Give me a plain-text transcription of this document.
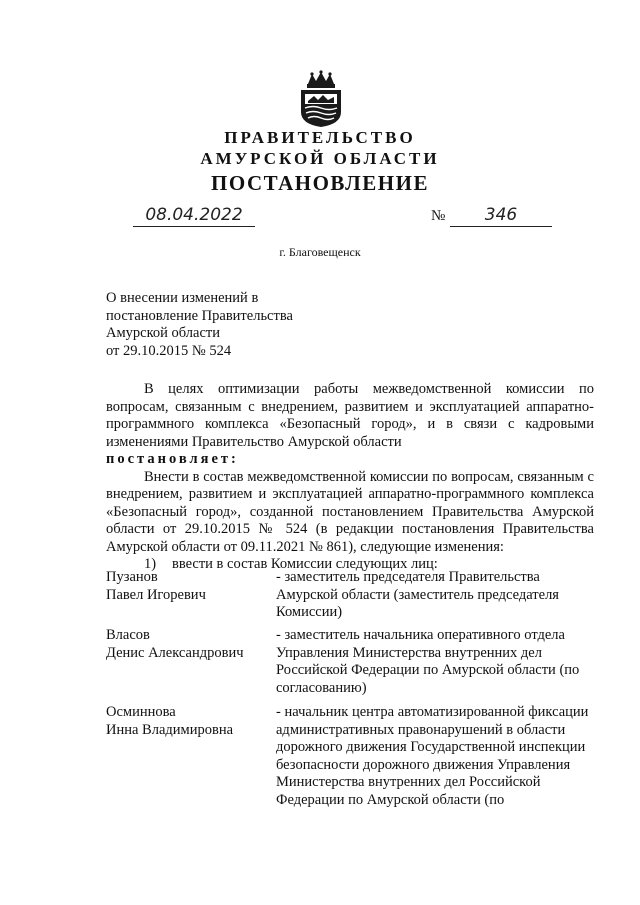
ПРАВИТЕЛЬСТВО
АМУРСКОЙ ОБЛАСТИ
ПОСТАНОВЛЕНИЕ
08.04.2022	№	346
г. Благовещенск
О внесении изменений в
постановление Правительства
Амурской области
от 29.10.2015 № 524

В целях оптимизации работы межведомственной комиссии по вопросам, связанным с внедрением, развитием и эксплуатацией аппаратно-программного комплекса «Безопасный город», и в связи с кадровыми изменениями Правительство Амурской области

постановляет:

Внести в состав межведомственной комиссии по вопросам, связанным с внедрением, развитием и эксплуатацией аппаратно-программного комплекса «Безопасный город», созданной постановлением Правительства Амурской области от 29.10.2015 № 524 (в редакции постановления Правительства Амурской области от 09.11.2021 № 861), следующие изменения:

1) ввести в состав Комиссии следующих лиц:

Пузанов
Павел Игоревич
- заместитель председателя Правительства Амурской области (заместитель председателя Комиссии)
Власов
Денис Александрович
- заместитель начальника оперативного отдела Управления Министерства внутренних дел Российской Федерации по Амурской области (по согласованию)
Осминнова
Инна Владимировна
- начальник центра автоматизированной фиксации административных правонарушений в области дорожного движения Государственной инспекции безопасности дорожного движения Управления Министерства внутренних дел Российской Федерации по Амурской области (по
